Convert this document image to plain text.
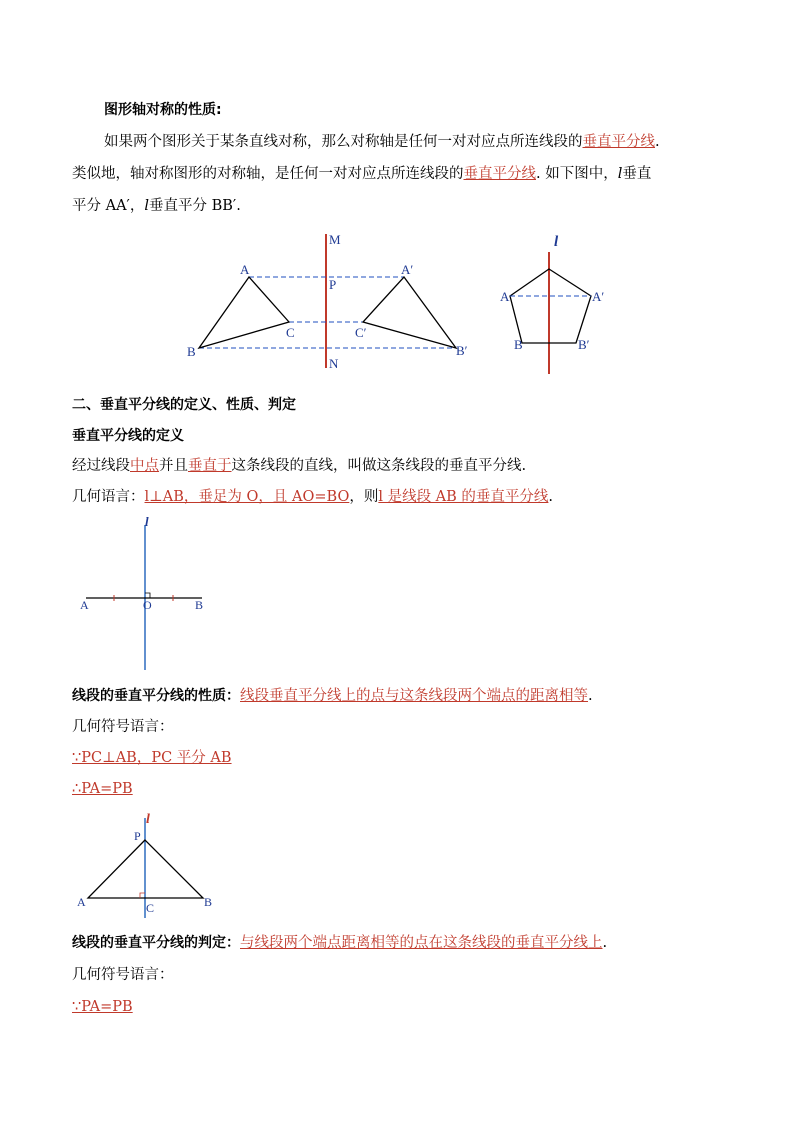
图形轴对称的性质:
如果两个图形关于某条直线对称，那么对称轴是任何一对对应点所连线段的垂直平分线.
类似地，轴对称图形的对称轴，是任何一对对应点所连线段的垂直平分线. 如下图中，l垂直
平分 AA′，l垂直平分 BB′.
M
P
N
A
B
C
A′
B′
C′
l
A	A′
B	B′
二、垂直平分线的定义、性质、判定
垂直平分线的定义
经过线段中点并且垂直于这条线段的直线，叫做这条线段的垂直平分线.
几何语言：l⊥AB，垂足为 O，且 AO=BO，则l 是线段 AB 的垂直平分线.
l
A	O	B
线段的垂直平分线的性质：线段垂直平分线上的点与这条线段两个端点的距离相等.
几何符号语言：
∵PC⊥AB，PC 平分 AB
∴PA=PB
l
P
A	C	B
线段的垂直平分线的判定：与线段两个端点距离相等的点在这条线段的垂直平分线上.
几何符号语言：
∵PA=PB
